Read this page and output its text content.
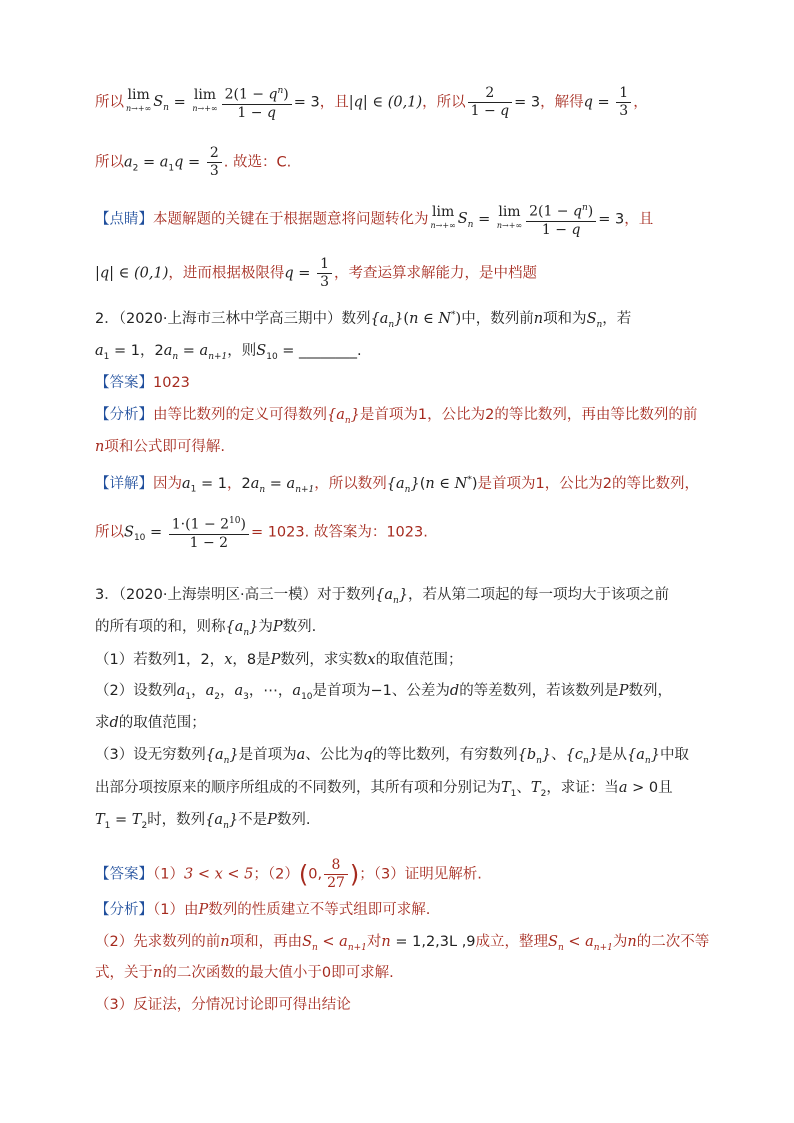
所以 lim
n→+∞ $S_n = \lim$
$n\to+\infty \frac{2(1 - q^n)}{1 - q} = 3$，且|q| ∈ (0,1)，所以 $\frac{2}{1 - q} = 3$，解得$q = \frac{1}{3}$ ，
所以$a_2 = a_1q = \frac{2}{3}$ . 故选：C.
【点睛】本题解题的关键在于根据题意将问题转化为 lim
n→+∞ $S_n = \lim$
$n\to+\infty \frac{2(1 - q^n)}{1 - q} = 3$，且
|q| ∈ (0,1)，进而根据极限得$q = \frac{1}{3}$ ，考查运算求解能力，是中档题
2．（2020·上海市三林中学高三期中）数列$\{a_n\}(n$ ∈ N*)中，数列前n项和为$S_n$，若
$a_1 = 1$，$2a_n = a_{n+1}$，则$S_{10}$ = ________.
【答案】1023
【分析】由等比数列的定义可得数列$\{a_n\}$是首项为1，公比为2的等比数列，再由等比数列的前
n项和公式即可得解.
【详解】因为$a_1 = 1$，$2a_n = a_{n+1}$，所以数列$\{a_n\}(n$ ∈ N*)是首项为1，公比为2的等比数列，
所以$S_{10} = \frac{1\cdot(1 - 2^{10})}{1 - 2} = 1023$. 故答案为：1023.
3．（2020·上海崇明区·高三一模）对于数列$\{a_n\}$，若从第二项起的每一项均大于该项之前
的所有项的和，则称$\{a_n\}$为P数列.
（1）若数列1，2，x，8是P数列，求实数x的取值范围；
（2）设数列$a_1$，$a_2$，$a_3$，⋯，$a_{10}$是首项为−1、公差为d的等差数列，若该数列是P数列，
求d的取值范围；
（3）设无穷数列$\{a_n\}$是首项为a、公比为q的等比数列，有穷数列$\{b_n\}$、$\{c_n\}$是从$\{a_n\}$中取
出部分项按原来的顺序所组成的不同数列，其所有项和分别记为$T_1$、$T_2$，求证：当a > 0且
$T_1 = T_2$时，数列$\{a_n\}$不是P数列.
【答案】（1）3 < x < 5；（2）(0, $\frac{8}{27}$ )；（3）证明见解析.
【分析】（1）由P数列的性质建立不等式组即可求解.
（2）先求数列的前n项和，再由$S_n < a_{n+1}$对n = 1,2,3L ,9成立，整理$S_n < a_{n+1}$为n的二次不等
式，关于n的二次函数的最大值小于0即可求解.
（3）反证法，分情况讨论即可得出结论
